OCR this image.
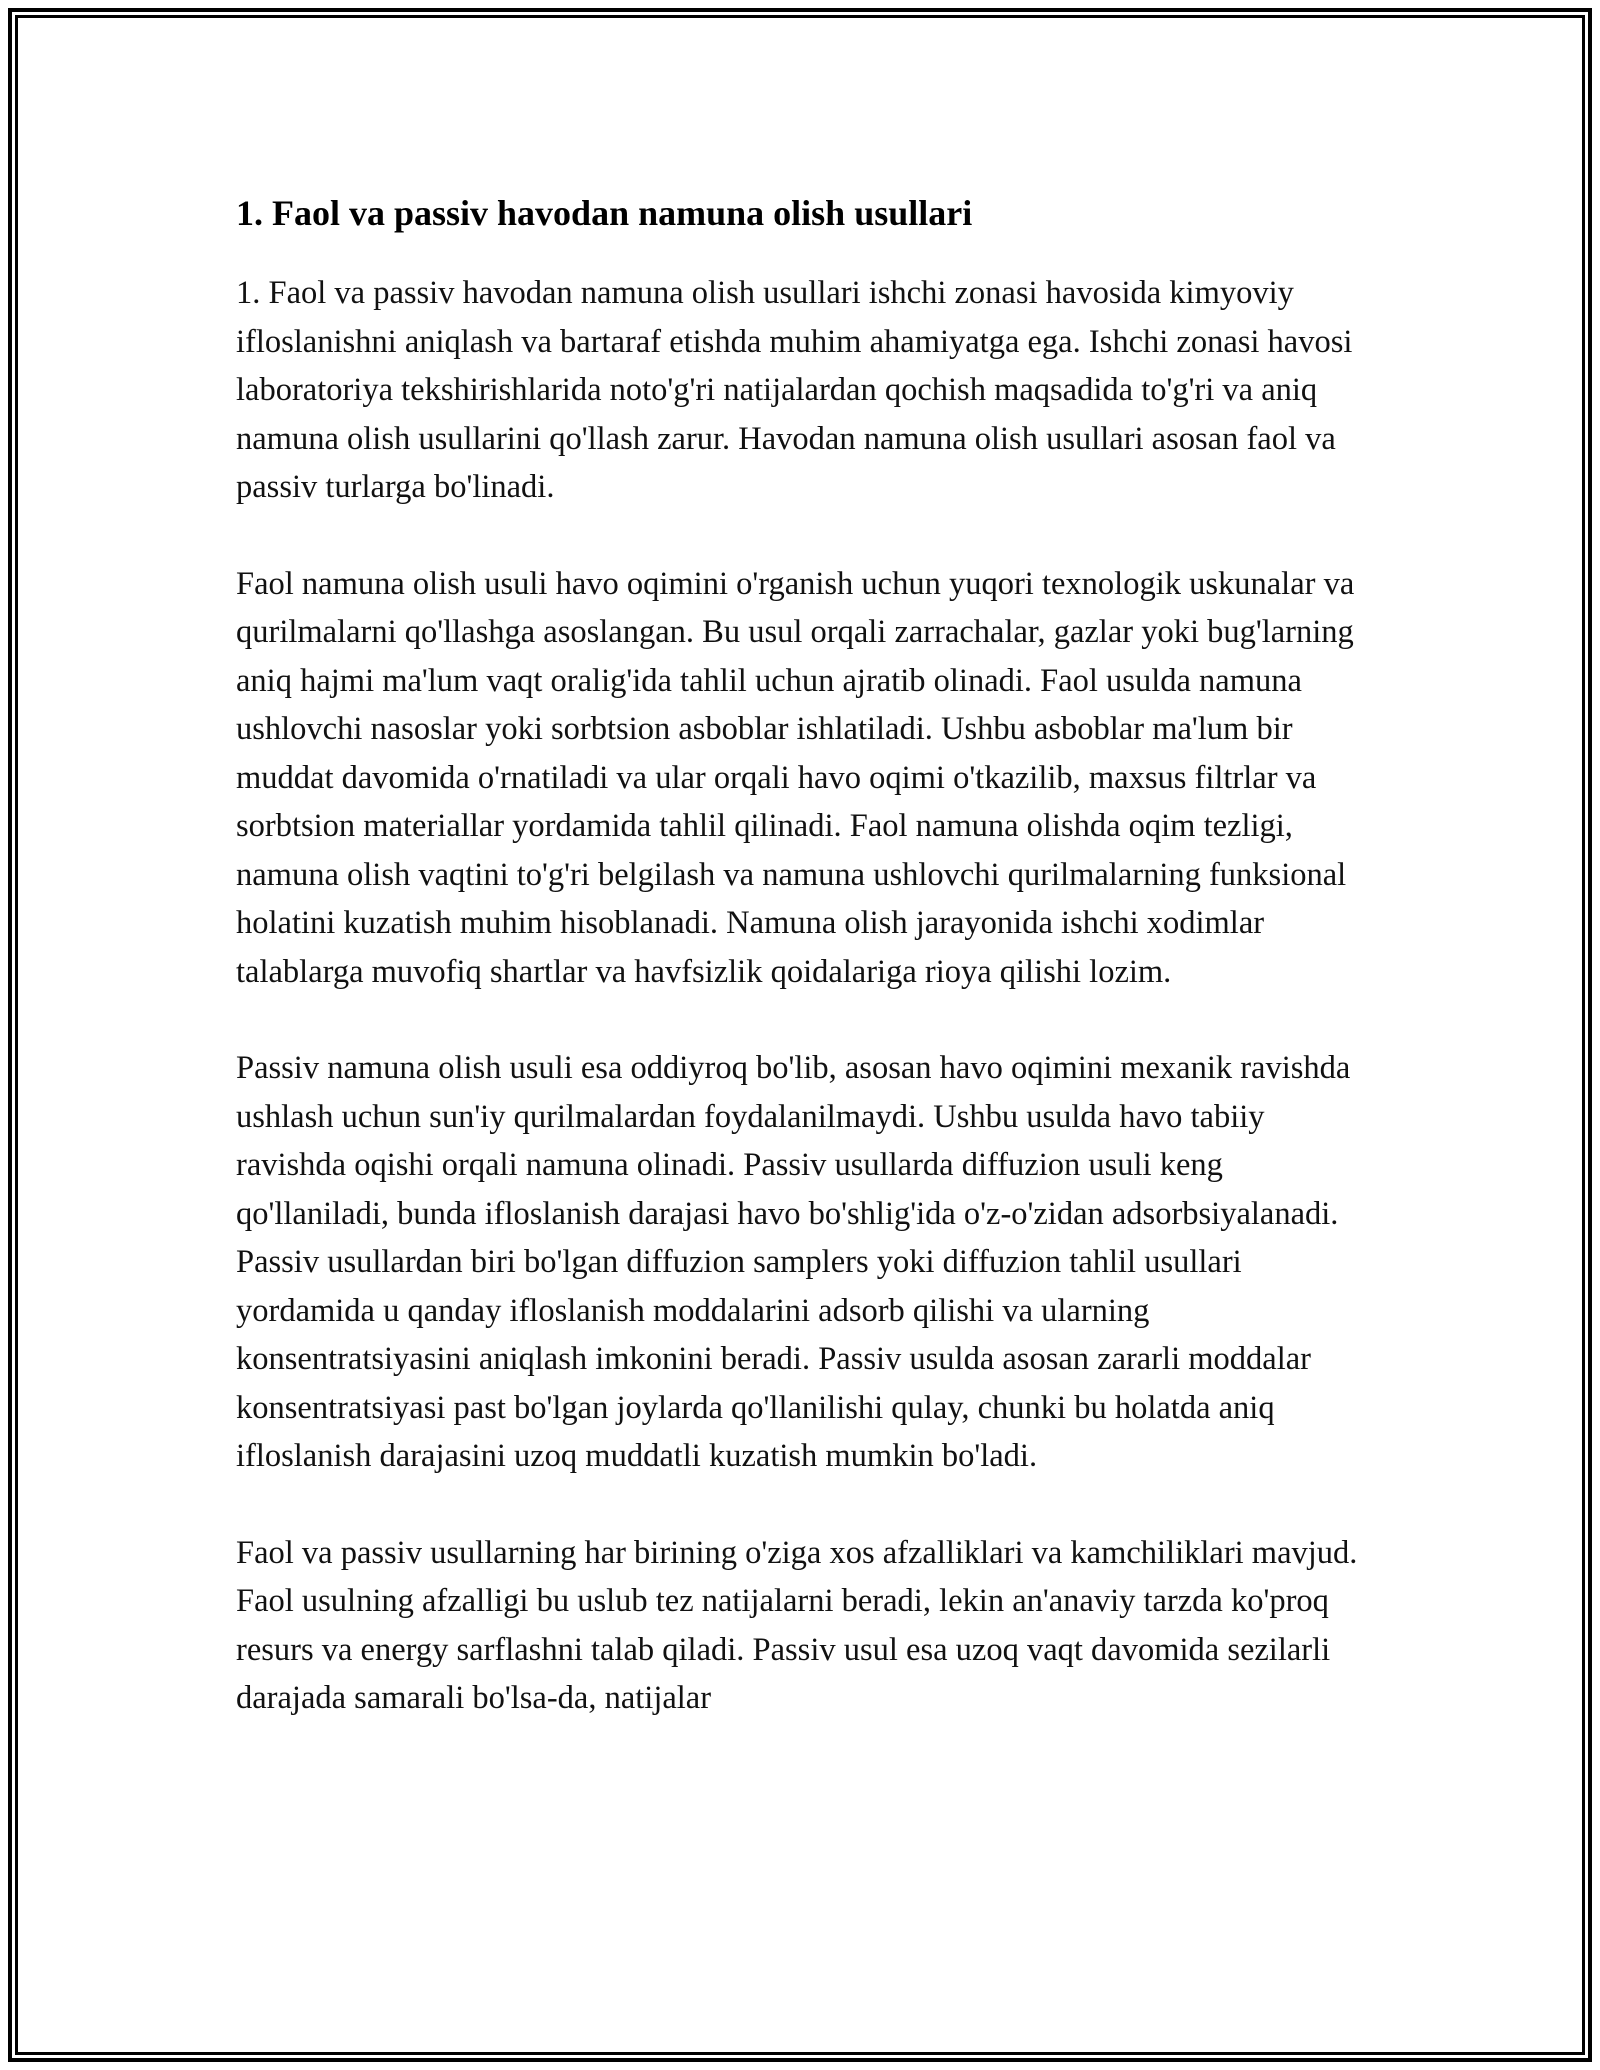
1. Faol va passiv havodan namuna olish usullari

1. Faol va passiv havodan namuna olish usullari ishchi zonasi havosida kimyoviy ifloslanishni aniqlash va bartaraf etishda muhim ahamiyatga ega. Ishchi zonasi havosi laboratoriya tekshirishlarida noto'g'ri natijalardan qochish maqsadida to'g'ri va aniq namuna olish usullarini qo'llash zarur. Havodan namuna olish usullari asosan faol va passiv turlarga bo'linadi.

Faol namuna olish usuli havo oqimini o'rganish uchun yuqori texnologik uskunalar va qurilmalarni qo'llashga asoslangan. Bu usul orqali zarrachalar, gazlar yoki bug'larning aniq hajmi ma'lum vaqt oralig'ida tahlil uchun ajratib olinadi. Faol usulda namuna ushlovchi nasoslar yoki sorbtsion asboblar ishlatiladi. Ushbu asboblar ma'lum bir muddat davomida o'rnatiladi va ular orqali havo oqimi o'tkazilib, maxsus filtrlar va sorbtsion materiallar yordamida tahlil qilinadi. Faol namuna olishda oqim tezligi, namuna olish vaqtini to'g'ri belgilash va namuna ushlovchi qurilmalarning funksional holatini kuzatish muhim hisoblanadi. Namuna olish jarayonida ishchi xodimlar talablarga muvofiq shartlar va havfsizlik qoidalariga rioya qilishi lozim.

Passiv namuna olish usuli esa oddiyroq bo'lib, asosan havo oqimini mexanik ravishda ushlash uchun sun'iy qurilmalardan foydalanilmaydi. Ushbu usulda havo tabiiy ravishda oqishi orqali namuna olinadi. Passiv usullarda diffuzion usuli keng qo'llaniladi, bunda ifloslanish darajasi havo bo'shlig'ida o'z-o'zidan adsorbsiyalanadi. Passiv usullardan biri bo'lgan diffuzion samplers yoki diffuzion tahlil usullari yordamida u qanday ifloslanish moddalarini adsorb qilishi va ularning konsentratsiyasini aniqlash imkonini beradi. Passiv usulda asosan zararli moddalar konsentratsiyasi past bo'lgan joylarda qo'llanilishi qulay, chunki bu holatda aniq ifloslanish darajasini uzoq muddatli kuzatish mumkin bo'ladi.

Faol va passiv usullarning har birining o'ziga xos afzalliklari va kamchiliklari mavjud. Faol usulning afzalligi bu uslub tez natijalarni beradi, lekin an'anaviy tarzda ko'proq resurs va energy sarflashni talab qiladi. Passiv usul esa uzoq vaqt davomida sezilarli darajada samarali bo'lsa-da, natijalar
